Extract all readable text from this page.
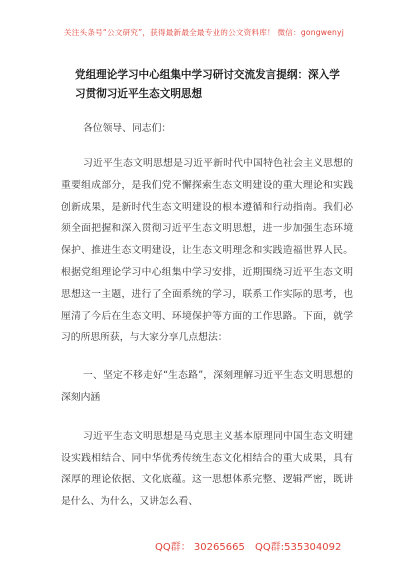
关注头条号“公文研究”，获得最新最全最专业的公文资料库！ 微信：gongwenyj
党组理论学习中心组集中学习研讨交流发言提纲：深入学习贯彻习近平生态文明思想
各位领导、同志们：
习近平生态文明思想是习近平新时代中国特色社会主义思想的重要组成部分，是我们党不懈探索生态文明建设的重大理论和实践创新成果，是新时代生态文明建设的根本遵循和行动指南。我们必须全面把握和深入贯彻习近平生态文明思想，进一步加强生态环境保护、推进生态文明建设，让生态文明理念和实践造福世界人民。根据党组理论学习中心组集中学习安排，近期围绕习近平生态文明思想这一主题，进行了全面系统的学习，联系工作实际的思考，也厘清了今后在生态文明、环境保护等方面的工作思路。下面，就学习的所思所获，与大家分享几点想法：
一、坚定不移走好“生态路”，深刻理解习近平生态文明思想的深刻内涵
习近平生态文明思想是马克思主义基本原理同中国生态文明建设实践相结合、同中华优秀传统生态文化相结合的重大成果，具有深厚的理论依据、文化底蕴。这一思想体系完整、逻辑严密，既讲是什么、为什么，又讲怎么看、
QQ群： 30265665 QQ群:535304092
